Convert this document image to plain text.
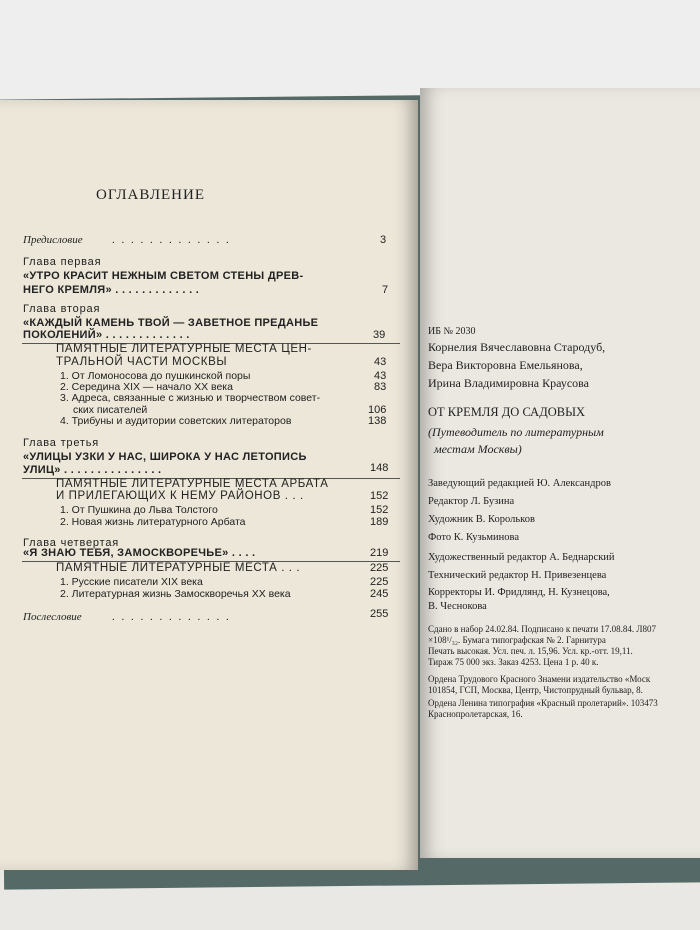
ОГЛАВЛЕНИЕ
Предисловие	. . . . . . . . . . . . .	3
Глава первая
«УТРО КРАСИТ НЕЖНЫМ СВЕТОМ СТЕНЫ ДРЕВ-
НЕГО КРЕМЛЯ» . . . . . . . . . . . . .	7
Глава вторая
«КАЖДЫЙ КАМЕНЬ ТВОЙ — ЗАВЕТНОЕ ПРЕДАНЬЕ
ПОКОЛЕНИЙ» . . . . . . . . . . . . .	39
ПАМЯТНЫЕ ЛИТЕРАТУРНЫЕ МЕСТА ЦЕН-
ТРАЛЬНОЙ ЧАСТИ МОСКВЫ	43
1. От Ломоносова до пушкинской поры	43
2. Середина XIX — начало XX века	83
3. Адреса, связанные с жизнью и творчеством совет-
ских писателей	106
4. Трибуны и аудитории советских литераторов	138
Глава третья
«УЛИЦЫ УЗКИ У НАС, ШИРОКА У НАС ЛЕТОПИСЬ
УЛИЦ» . . . . . . . . . . . . . . .	148
ПАМЯТНЫЕ ЛИТЕРАТУРНЫЕ МЕСТА АРБАТА
И ПРИЛЕГАЮЩИХ К НЕМУ РАЙОНОВ . . .	152
1. От Пушкина до Льва Толстого	152
2. Новая жизнь литературного Арбата	189
Глава четвертая
«Я ЗНАЮ ТЕБЯ, ЗАМОСКВОРЕЧЬЕ» . . . .	219
ПАМЯТНЫЕ ЛИТЕРАТУРНЫЕ МЕСТА . . .	225
1. Русские писатели XIX века	225
2. Литературная жизнь Замоскворечья XX века	245
Послесловие	. . . . . . . . . . . . .	255
ИБ № 2030
Корнелия Вячеславовна Стародуб,
Вера Викторовна Емельянова,
Ирина Владимировна Краусова
ОТ КРЕМЛЯ ДО САДОВЫХ
(Путеводитель по литературным
местам Москвы)
Заведующий редакцией Ю. Александров
Редактор Л. Бузина
Художник В. Корольков
Фото К. Кузьминова
Художественный редактор А. Беднарский
Технический редактор Н. Привезенцева
Корректоры И. Фридлянд, Н. Кузнецова,
В. Чеснокова
Сдано в набор 24.02.84. Подписано к печати 17.08.84. Л807
×108¹/₃₂. Бумага типографская № 2. Гарнитура
Печать высокая. Усл. печ. л. 15,96. Усл. кр.-отт. 19,11.
Тираж 75 000 экз. Заказ 4253. Цена 1 р. 40 к.
Ордена Трудового Красного Знамени издательство «Моск
101854, ГСП, Москва, Центр, Чистопрудный бульвар, 8.
Ордена Ленина типография «Красный пролетарий». 103473
Краснопролетарская, 16.
